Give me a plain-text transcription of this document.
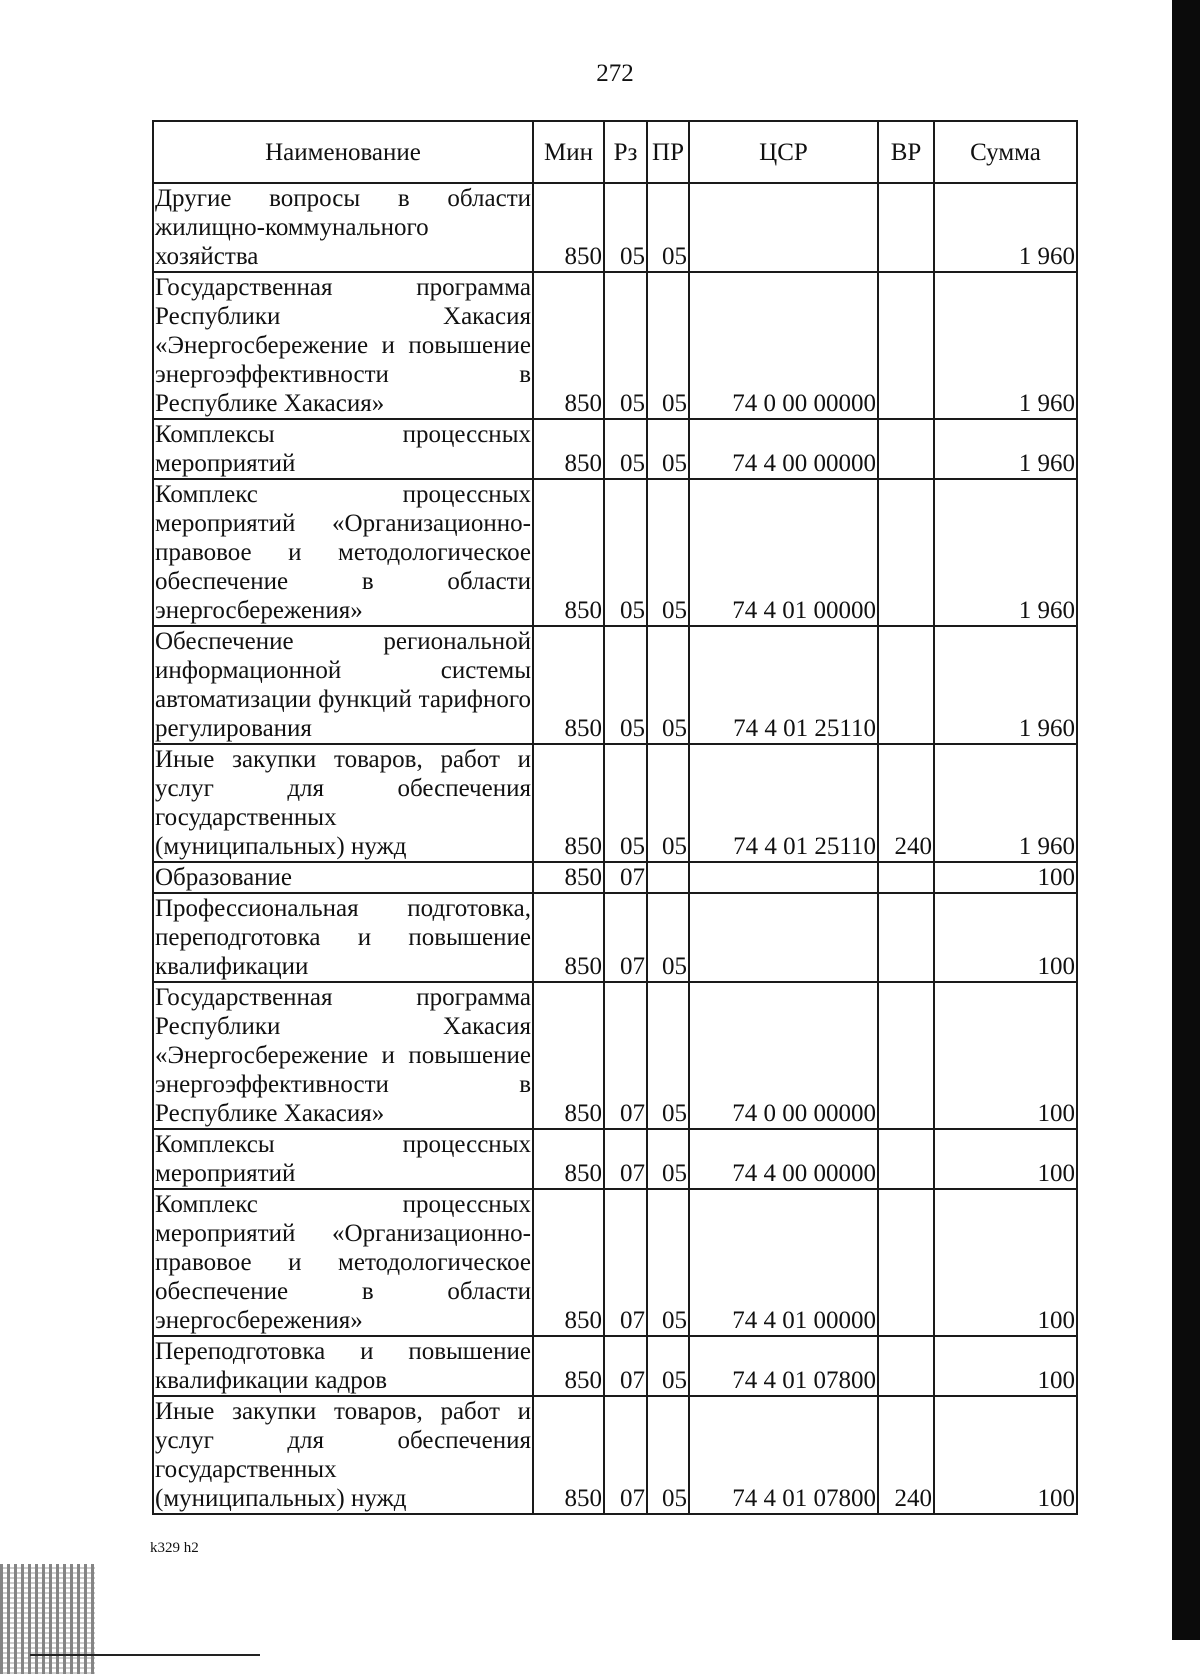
272
Наименование	Мин	Рз	ПР	ЦСР	ВР	Сумма
Другие вопросы в области жилищно-коммунального хозяйства	850	05	05			1 960
Государственная программа Республики Хакасия «Энергосбережение и повышение энергоэффективности в Республике Хакасия»	850	05	05	74 0 00 00000		1 960
Комплексы процессных мероприятий	850	05	05	74 4 00 00000		1 960
Комплекс процессных мероприятий «Организационно-правовое и методологическое обеспечение в области энергосбережения»	850	05	05	74 4 01 00000		1 960
Обеспечение региональной информационной системы автоматизации функций тарифного регулирования	850	05	05	74 4 01 25110		1 960
Иные закупки товаров, работ и услуг для обеспечения государственных (муниципальных) нужд	850	05	05	74 4 01 25110	240	1 960
Образование	850	07				100
Профессиональная подготовка, переподготовка и повышение квалификации	850	07	05			100
Государственная программа Республики Хакасия «Энергосбережение и повышение энергоэффективности в Республике Хакасия»	850	07	05	74 0 00 00000		100
Комплексы процессных мероприятий	850	07	05	74 4 00 00000		100
Комплекс процессных мероприятий «Организационно-правовое и методологическое обеспечение в области энергосбережения»	850	07	05	74 4 01 00000		100
Переподготовка и повышение квалификации кадров	850	07	05	74 4 01 07800		100
Иные закупки товаров, работ и услуг для обеспечения государственных (муниципальных) нужд	850	07	05	74 4 01 07800	240	100
k329 h2
